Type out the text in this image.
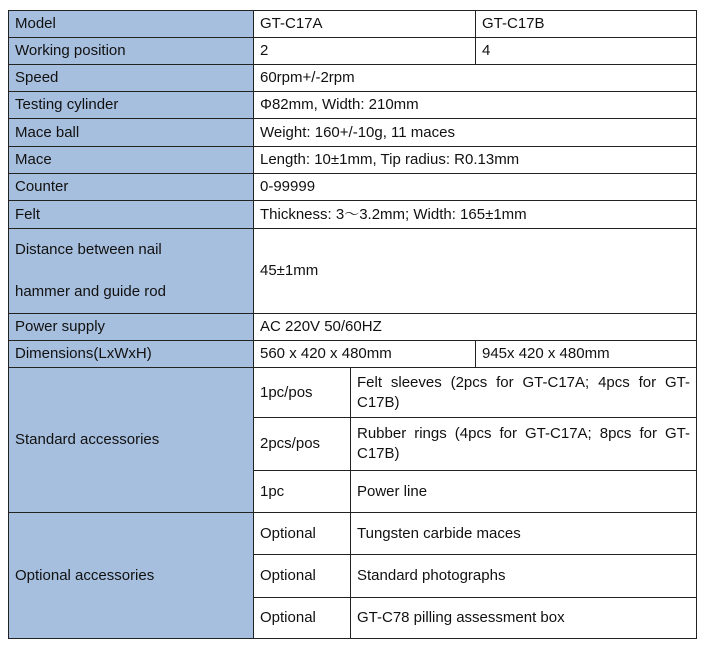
Model	GT-C17A		GT-C17B
Working position	2		4
Speed	60rpm+/-2rpm		
Testing cylinder	Φ82mm, Width: 210mm		
Mace ball	Weight: 160+/-10g, 11 maces		
Mace	Length: 10±1mm, Tip radius: R0.13mm		
Counter	0-99999		
Felt	Thickness: 3～3.2mm; Width: 165±1mm		

Distance between nail
hammer and guide rod	45±1mm		
Power supply	AC 220V 50/60HZ		
Dimensions(LxWxH)	560 x 420 x 480mm		945x 420 x 480mm
Standard accessories	1pc/pos	Felt sleeves (2pcs for GT-C17A; 4pcs for GT-C17B)	
	2pcs/pos	Rubber rings (4pcs for GT-C17A; 8pcs for GT-C17B)	
	1pc	Power line	
Optional accessories	Optional	Tungsten carbide maces	
	Optional	Standard photographs	
	Optional	GT-C78 pilling assessment box	
